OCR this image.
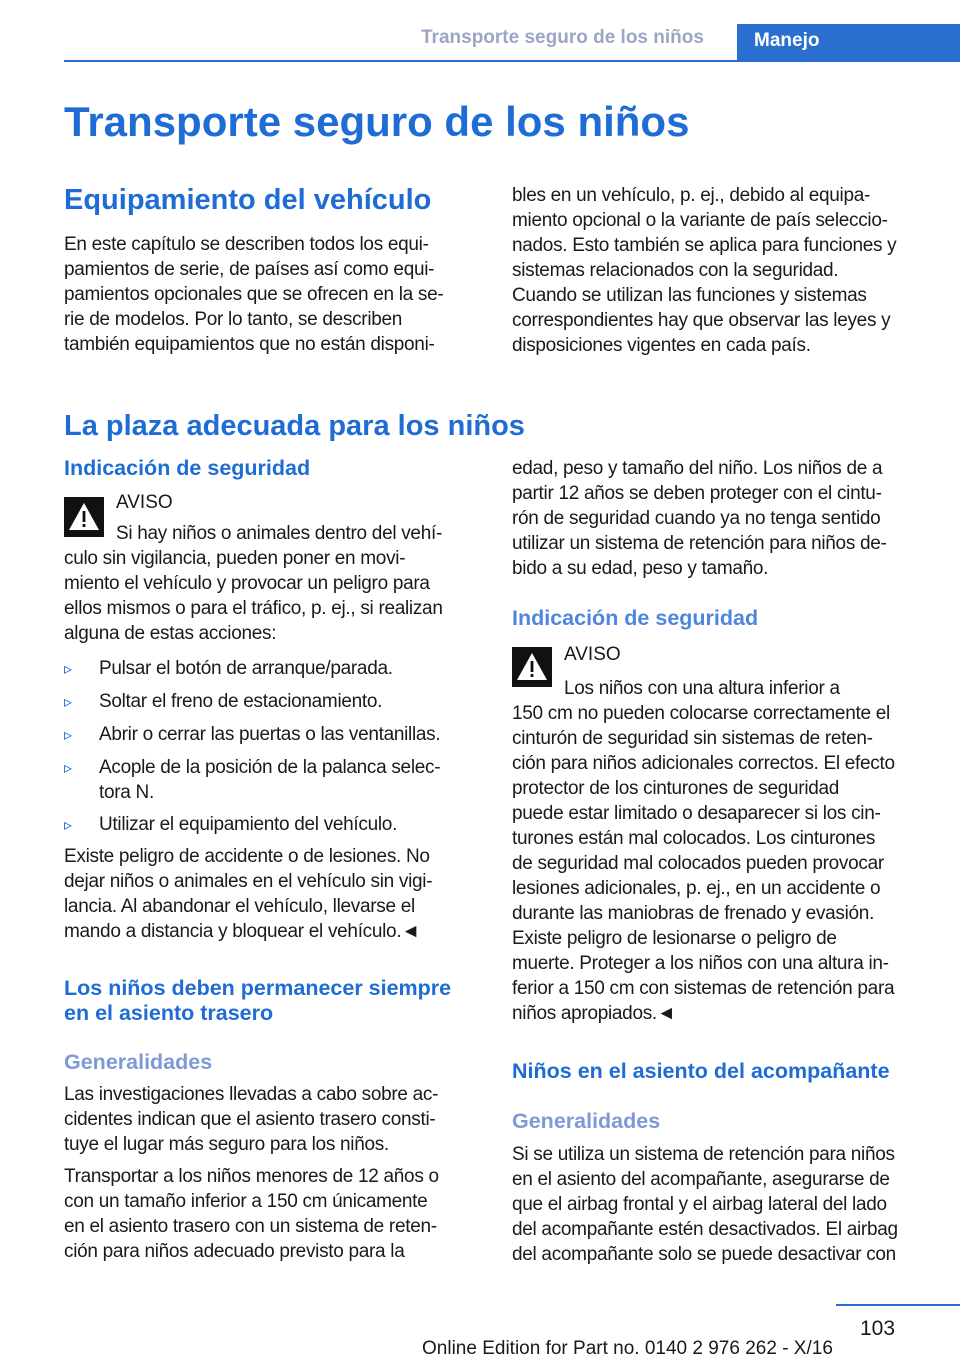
Transporte seguro de los niños	Manejo
Transporte seguro de los niños
Equipamiento del vehículo

En este capítulo se describen todos los equi-
pamientos de serie, de países así como equi-
pamientos opcionales que se ofrecen en la se-
rie de modelos. Por lo tanto, se describen
también equipamientos que no están disponi-

bles en un vehículo, p. ej., debido al equipa-
miento opcional o la variante de país seleccio-
nados. Esto también se aplica para funciones y
sistemas relacionados con la seguridad.
Cuando se utilizan las funciones y sistemas
correspondientes hay que observar las leyes y
disposiciones vigentes en cada país.

La plaza adecuada para los niños
Indicación de seguridad
AVISO

Si hay niños o animales dentro del vehí-

culo sin vigilancia, pueden poner en movi-
miento el vehículo y provocar un peligro para
ellos mismos o para el tráfico, p. ej., si realizan
alguna de estas acciones:

▹ Pulsar el botón de arranque/parada.

▹ Soltar el freno de estacionamiento.

▹ Abrir o cerrar las puertas o las ventanillas.

▹ Acople de la posición de la palanca selec-
tora N.

▹ Utilizar el equipamiento del vehículo.

Existe peligro de accidente o de lesiones. No
dejar niños o animales en el vehículo sin vigi-
lancia. Al abandonar el vehículo, llevarse el
mando a distancia y bloquear el vehículo.◄

Los niños deben permanecer siempre
en el asiento trasero
Generalidades

Las investigaciones llevadas a cabo sobre ac-
cidentes indican que el asiento trasero consti-
tuye el lugar más seguro para los niños.

Transportar a los niños menores de 12 años o
con un tamaño inferior a 150 cm únicamente
en el asiento trasero con un sistema de reten-
ción para niños adecuado previsto para la

edad, peso y tamaño del niño. Los niños de a
partir 12 años se deben proteger con el cintu-
rón de seguridad cuando ya no tenga sentido
utilizar un sistema de retención para niños de-
bido a su edad, peso y tamaño.

Indicación de seguridad
AVISO

Los niños con una altura inferior a

150 cm no pueden colocarse correctamente el
cinturón de seguridad sin sistemas de reten-
ción para niños adicionales correctos. El efecto
protector de los cinturones de seguridad
puede estar limitado o desaparecer si los cin-
turones están mal colocados. Los cinturones
de seguridad mal colocados pueden provocar
lesiones adicionales, p. ej., en un accidente o
durante las maniobras de frenado y evasión.
Existe peligro de lesionarse o peligro de
muerte. Proteger a los niños con una altura in-
ferior a 150 cm con sistemas de retención para
niños apropiados.◄

Niños en el asiento del acompañante
Generalidades

Si se utiliza un sistema de retención para niños
en el asiento del acompañante, asegurarse de
que el airbag frontal y el airbag lateral del lado
del acompañante estén desactivados. El airbag
del acompañante solo se puede desactivar con

103
Online Edition for Part no. 0140 2 976 262 - X/16
